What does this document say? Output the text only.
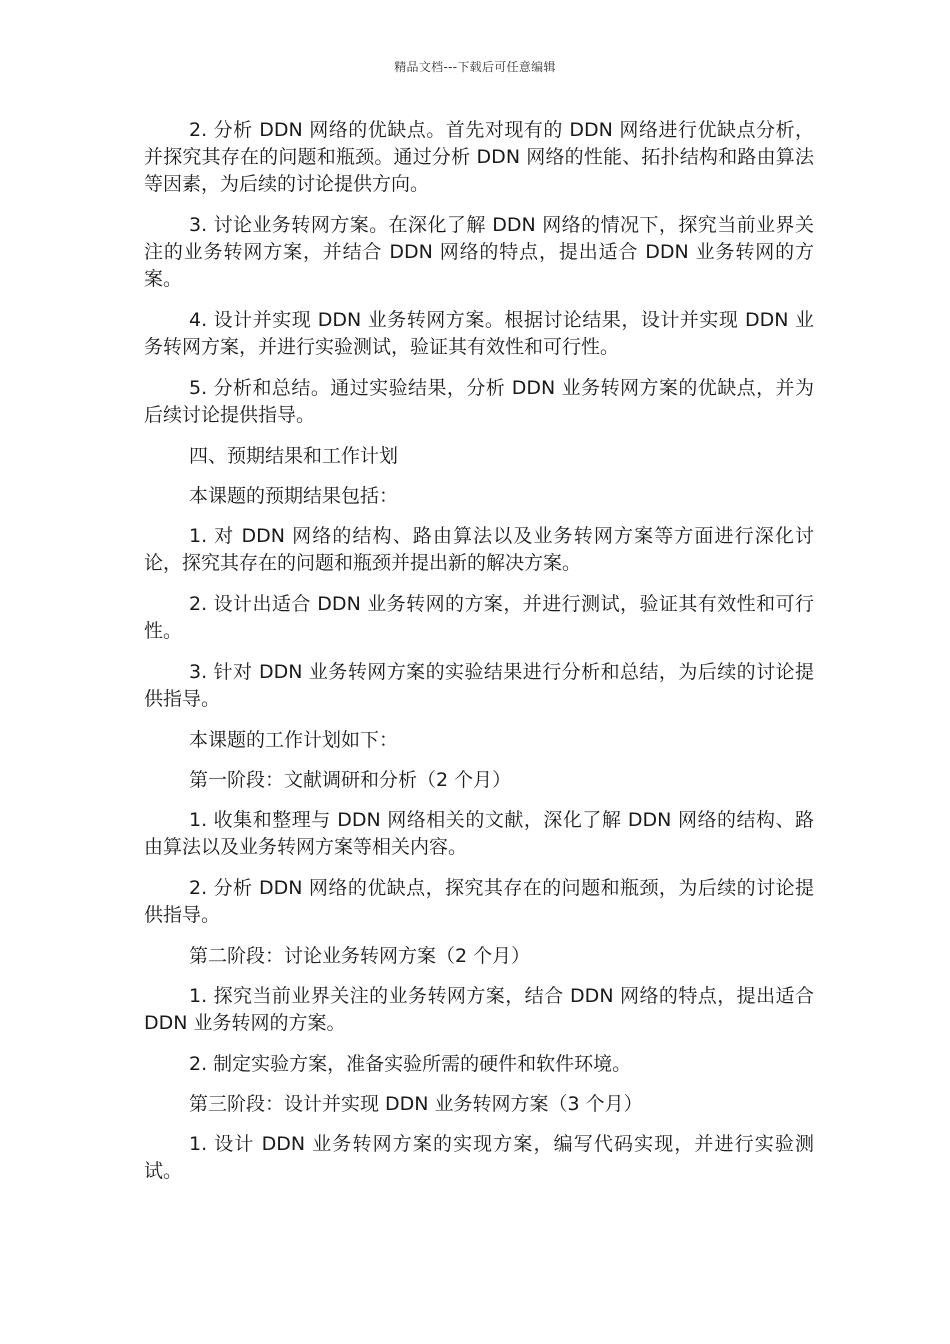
精品文档---下载后可任意编辑

2. 分析 DDN 网络的优缺点。首先对现有的 DDN 网络进行优缺点分析，并探究其存在的问题和瓶颈。通过分析 DDN 网络的性能、拓扑结构和路由算法等因素，为后续的讨论提供方向。

3. 讨论业务转网方案。在深化了解 DDN 网络的情况下，探究当前业界关注的业务转网方案，并结合 DDN 网络的特点，提出适合 DDN 业务转网的方案。

4. 设计并实现 DDN 业务转网方案。根据讨论结果，设计并实现 DDN 业务转网方案，并进行实验测试，验证其有效性和可行性。

5. 分析和总结。通过实验结果，分析 DDN 业务转网方案的优缺点，并为后续讨论提供指导。

四、预期结果和工作计划

本课题的预期结果包括：

1. 对 DDN 网络的结构、路由算法以及业务转网方案等方面进行深化讨论，探究其存在的问题和瓶颈并提出新的解决方案。

2. 设计出适合 DDN 业务转网的方案，并进行测试，验证其有效性和可行性。

3. 针对 DDN 业务转网方案的实验结果进行分析和总结，为后续的讨论提供指导。

本课题的工作计划如下：

第一阶段：文献调研和分析（2 个月）

1. 收集和整理与 DDN 网络相关的文献，深化了解 DDN 网络的结构、路由算法以及业务转网方案等相关内容。

2. 分析 DDN 网络的优缺点，探究其存在的问题和瓶颈，为后续的讨论提供指导。

第二阶段：讨论业务转网方案（2 个月）

1. 探究当前业界关注的业务转网方案，结合 DDN 网络的特点，提出适合 DDN 业务转网的方案。

2. 制定实验方案，准备实验所需的硬件和软件环境。

第三阶段：设计并实现 DDN 业务转网方案（3 个月）

1. 设计 DDN 业务转网方案的实现方案，编写代码实现，并进行实验测试。
